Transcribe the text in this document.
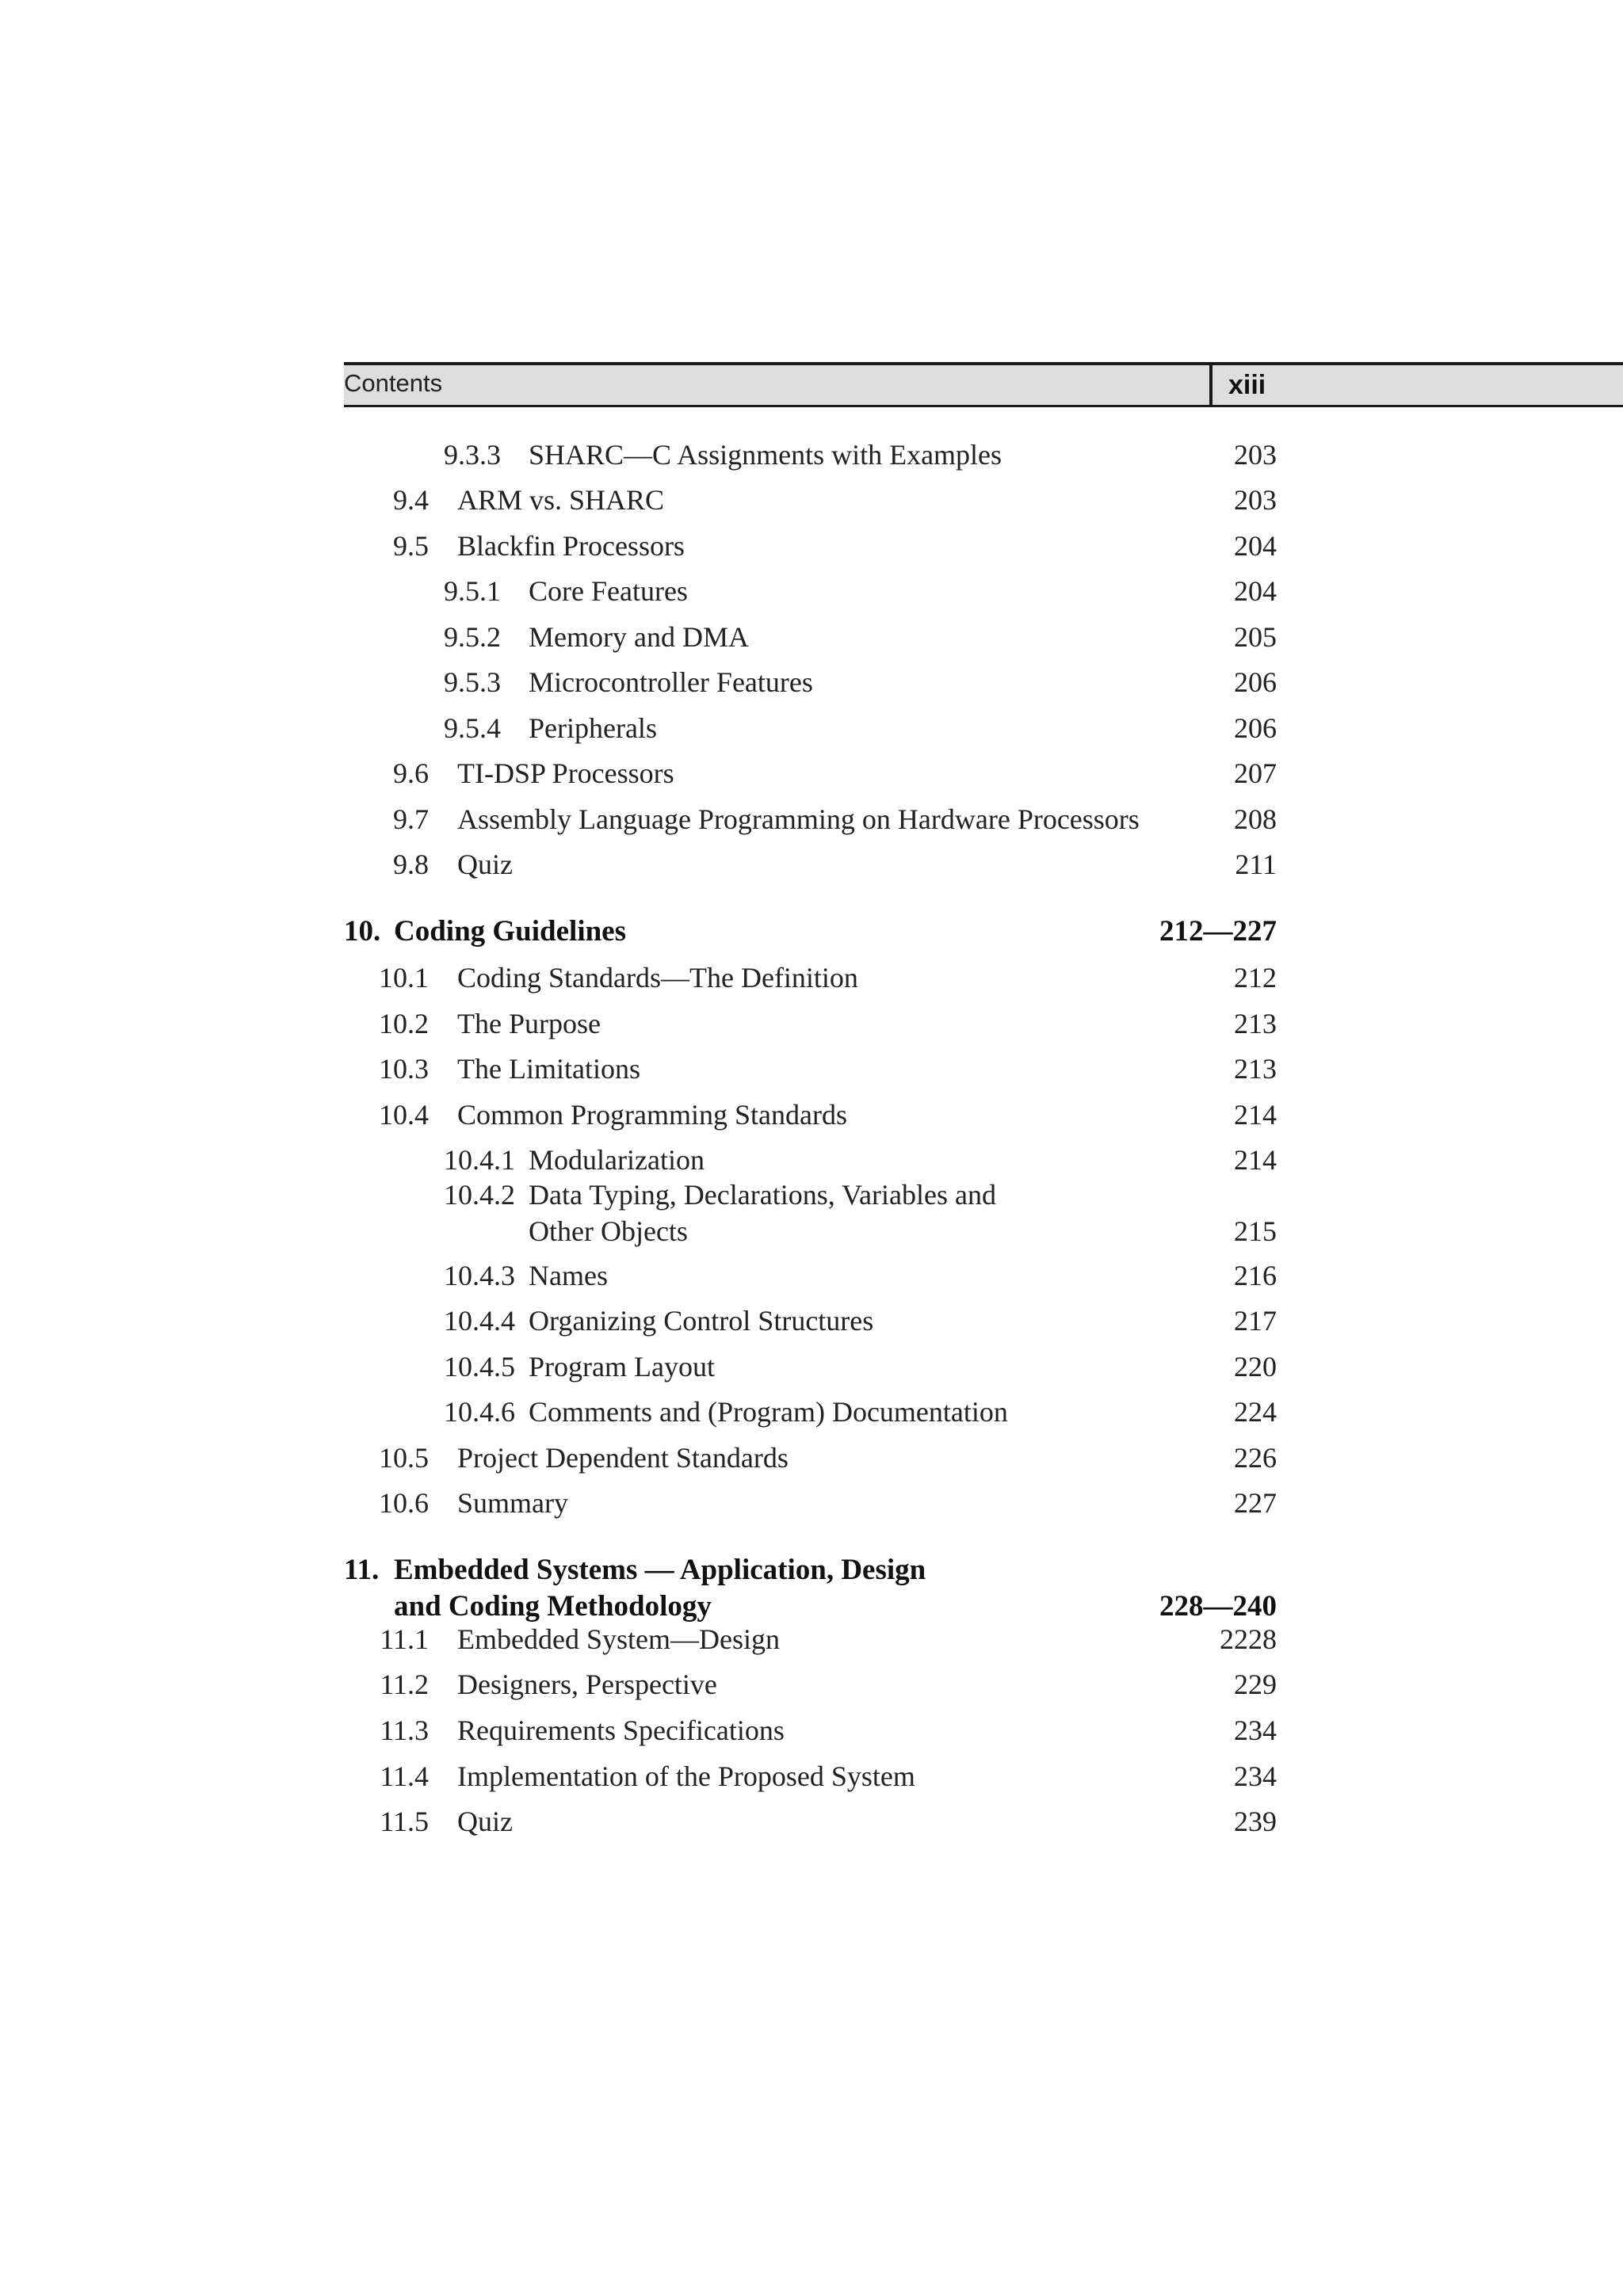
Contents	xiii
9.3.3 SHARC—C Assignments with Examples	203
9.4 ARM vs. SHARC	203
9.5 Blackfin Processors	204
9.5.1 Core Features	204
9.5.2 Memory and DMA	205
9.5.3 Microcontroller Features	206
9.5.4 Peripherals	206
9.6 TI-DSP Processors	207
9.7 Assembly Language Programming on Hardware Processors	208
9.8 Quiz	211
10. Coding Guidelines	212—227
10.1 Coding Standards—The Definition	212
10.2 The Purpose	213
10.3 The Limitations	213
10.4 Common Programming Standards	214
10.4.1 Modularization	214
10.4.2 Data Typing, Declarations, Variables and
Other Objects	215
10.4.3 Names	216
10.4.4 Organizing Control Structures	217
10.4.5 Program Layout	220
10.4.6 Comments and (Program) Documentation	224
10.5 Project Dependent Standards	226
10.6 Summary	227
11. Embedded Systems — Application, Design
and Coding Methodology	228—240
11.1 Embedded System—Design	2228
11.2 Designers, Perspective	229
11.3 Requirements Specifications	234
11.4 Implementation of the Proposed System	234
11.5 Quiz	239
